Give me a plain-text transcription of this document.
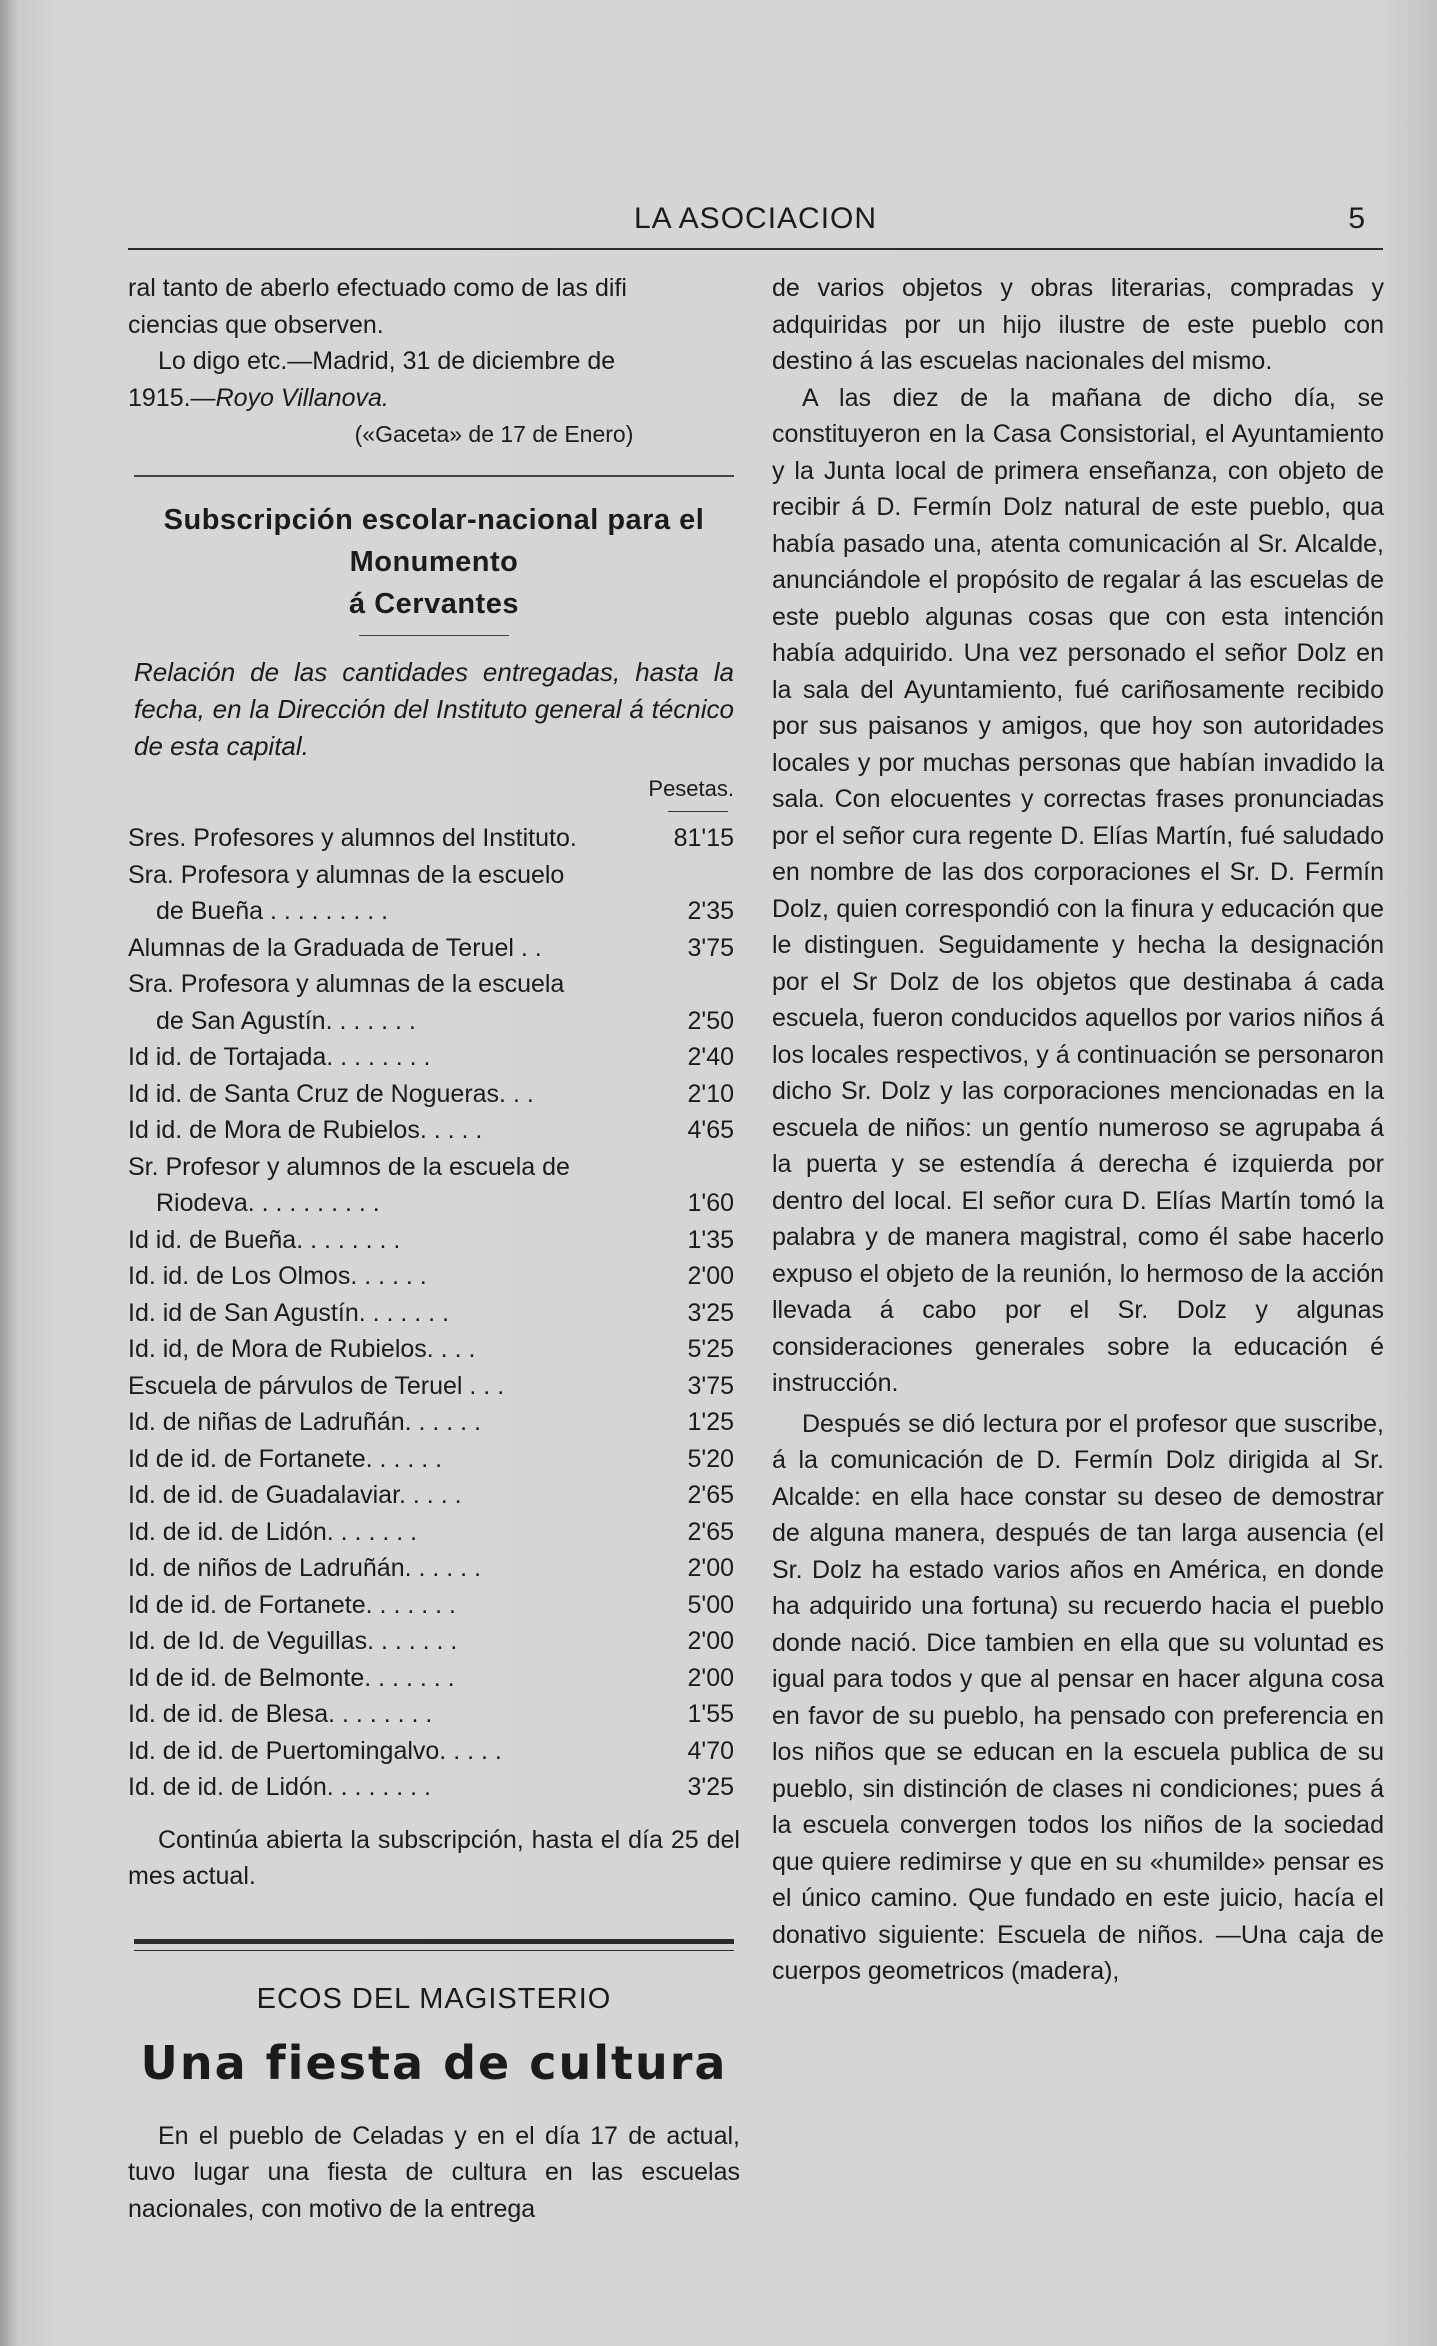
LA ASOCIACION	5

ral tanto de aberlo efectuado como de las difi

ciencias que observen.

Lo digo etc.—Madrid, 31 de diciembre de

1915.—Royo Villanova.

(«Gaceta» de 17 de Enero)

Subscripción escolar-nacional para el Monumento
á Cervantes

Relación de las cantidades entregadas, hasta la fecha, en la Dirección del Instituto general á técnico de esta capital.

Pesetas.

Sres. Profesores y alumnos del Instituto.	81'15
Sra. Profesora y alumnas de la escuelo
de Bueña . . . . . . . . .	2'35
Alumnas de la Graduada de Teruel . .	3'75
Sra. Profesora y alumnas de la escuela
de San Agustín. . . . . . .	2'50
Id id. de Tortajada. . . . . . . .	2'40
Id id. de Santa Cruz de Nogueras. . .	2'10
Id id. de Mora de Rubielos. . . . .	4'65
Sr. Profesor y alumnos de la escuela de
Riodeva. . . . . . . . . .	1'60
Id id. de Bueña. . . . . . . .	1'35
Id. id. de Los Olmos. . . . . .	2'00
Id. id de San Agustín. . . . . . .	3'25
Id. id, de Mora de Rubielos. . . .	5'25
Escuela de párvulos de Teruel . . .	3'75
Id. de niñas de Ladruñán. . . . . .	1'25
Id de id. de Fortanete. . . . . .	5'20
Id. de id. de Guadalaviar. . . . .	2'65
Id. de id. de Lidón. . . . . . .	2'65
Id. de niños de Ladruñán. . . . . .	2'00
Id de id. de Fortanete. . . . . . .	5'00
Id. de Id. de Veguillas. . . . . . .	2'00
Id de id. de Belmonte. . . . . . .	2'00
Id. de id. de Blesa. . . . . . . .	1'55
Id. de id. de Puertomingalvo. . . . .	4'70
Id. de id. de Lidón. . . . . . . .	3'25

Continúa abierta la subscripción, hasta el día 25 del mes actual.

ECOS DEL MAGISTERIO
Una fiesta de cultura

En el pueblo de Celadas y en el día 17 de actual, tuvo lugar una fiesta de cultura en las escuelas nacionales, con motivo de la entrega

de varios objetos y obras literarias, compradas y adquiridas por un hijo ilustre de este pueblo con destino á las escuelas nacionales del mismo.

A las diez de la mañana de dicho día, se constituyeron en la Casa Consistorial, el Ayuntamiento y la Junta local de primera enseñanza, con objeto de recibir á D. Fermín Dolz natural de este pueblo, qua había pasado una, atenta comunicación al Sr. Alcalde, anunciándole el propósito de regalar á las escuelas de este pueblo algunas cosas que con esta intención había adquirido. Una vez personado el señor Dolz en la sala del Ayuntamiento, fué cariñosamente recibido por sus paisanos y amigos, que hoy son autoridades locales y por muchas personas que habían invadido la sala. Con elocuentes y correctas frases pronunciadas por el señor cura regente D. Elías Martín, fué saludado en nombre de las dos corporaciones el Sr. D. Fermín Dolz, quien correspondió con la finura y educación que le distinguen. Seguidamente y hecha la designación por el Sr Dolz de los objetos que destinaba á cada escuela, fueron conducidos aquellos por varios niños á los locales respectivos, y á continuación se personaron dicho Sr. Dolz y las corporaciones mencionadas en la escuela de niños: un gentío numeroso se agrupaba á la puerta y se estendía á derecha é izquierda por dentro del local. El señor cura D. Elías Martín tomó la palabra y de manera magistral, como él sabe hacerlo expuso el objeto de la reunión, lo hermoso de la acción llevada á cabo por el Sr. Dolz y algunas consideraciones generales sobre la educación é instrucción.

Después se dió lectura por el profesor que suscribe, á la comunicación de D. Fermín Dolz dirigida al Sr. Alcalde: en ella hace constar su deseo de demostrar de alguna manera, después de tan larga ausencia (el Sr. Dolz ha estado varios años en América, en donde ha adquirido una fortuna) su recuerdo hacia el pueblo donde nació. Dice tambien en ella que su voluntad es igual para todos y que al pensar en hacer alguna cosa en favor de su pueblo, ha pensado con preferencia en los niños que se educan en la escuela publica de su pueblo, sin distinción de clases ni condiciones; pues á la escuela convergen todos los niños de la sociedad que quiere redimirse y que en su «humilde» pensar es el único camino. Que fundado en este juicio, hacía el donativo siguiente: Escuela de niños. —Una caja de cuerpos geometricos (madera),
